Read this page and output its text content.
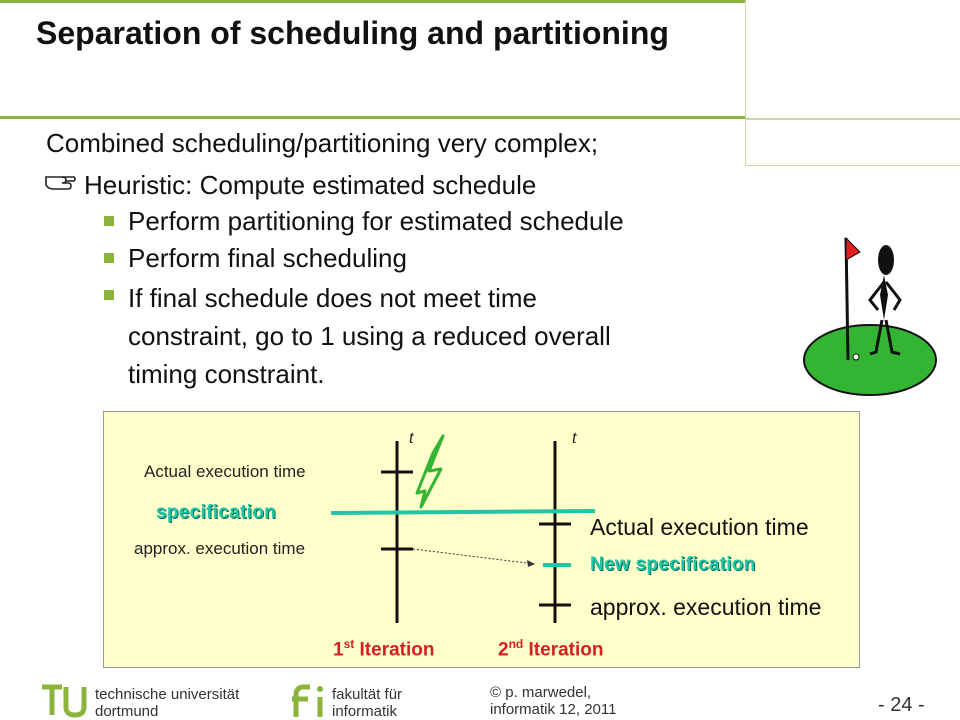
Separation of scheduling and partitioning
Combined scheduling/partitioning very complex;
Heuristic: Compute estimated schedule
Perform partitioning for estimated schedule
Perform final scheduling
If final schedule does not meet time
constraint, go to 1 using a reduced overall
timing constraint.
t	t
Actual execution time
specification
approx. execution time
Actual execution time
New specification
approx. execution time
1st Iteration	2nd Iteration
technische universität
dortmund
fakultät für
informatik
© p. marwedel,
informatik 12, 2011	- 24 -
